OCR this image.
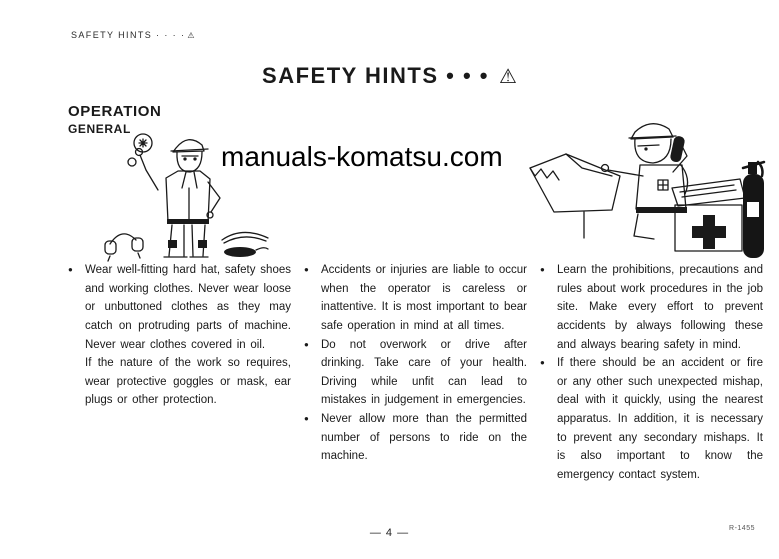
SAFETY HINTS · · · · ⚠
SAFETY HINTS • • • ⚠
OPERATION
GENERAL
manuals-komatsu.com
●	Wear well-fitting hard hat, safety shoes and working clothes. Never wear loose or unbuttoned clothes as they may catch on protruding parts of machine. Never wear clothes covered in oil.
If the nature of the work so requires, wear protective goggles or mask, ear plugs or other protection.
●	Accidents or injuries are liable to occur when the operator is careless or inattentive. It is most important to bear safe operation in mind at all times.
●	Do not overwork or drive after drinking. Take care of your health. Driving while unfit can lead to mistakes in judgement in emergencies.
●	Never allow more than the permitted number of persons to ride on the machine.
●	Learn the prohibitions, precautions and rules about work procedures in the job site. Make every effort to prevent accidents by always following these and always bearing safety in mind.
●	If there should be an accident or fire or any other such unexpected mishap, deal with it quickly, using the nearest apparatus. In addition, it is necessary to prevent any secondary mishaps. It is also important to know the emergency contact system.
— 4 —	R-1455
